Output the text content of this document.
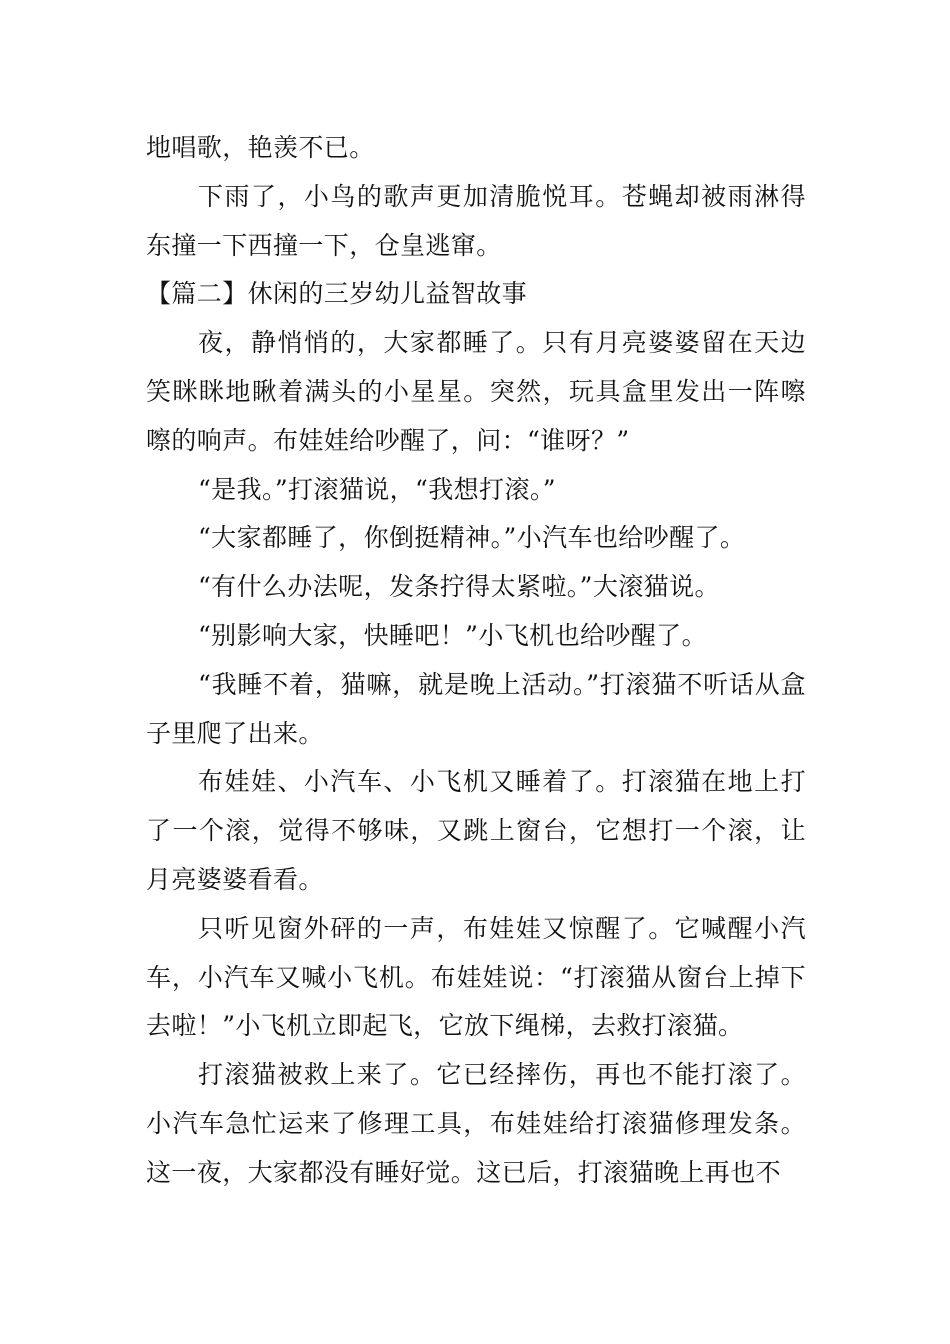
地唱歌，艳羡不已。

下雨了，小鸟的歌声更加清脆悦耳。苍蝇却被雨淋得东撞一下西撞一下，仓皇逃窜。

【篇二】休闲的三岁幼儿益智故事

夜，静悄悄的，大家都睡了。只有月亮婆婆留在天边笑眯眯地瞅着满头的小星星。突然，玩具盒里发出一阵嚓嚓的响声。布娃娃给吵醒了，问：“谁呀？”

“是我。”打滚猫说，“我想打滚。”

“大家都睡了，你倒挺精神。”小汽车也给吵醒了。

“有什么办法呢，发条拧得太紧啦。”大滚猫说。

“别影响大家，快睡吧！”小飞机也给吵醒了。

“我睡不着，猫嘛，就是晚上活动。”打滚猫不听话从盒子里爬了出来。

布娃娃、小汽车、小飞机又睡着了。打滚猫在地上打了一个滚，觉得不够味，又跳上窗台，它想打一个滚，让月亮婆婆看看。

只听见窗外砰的一声，布娃娃又惊醒了。它喊醒小汽车，小汽车又喊小飞机。布娃娃说：“打滚猫从窗台上掉下去啦！”小飞机立即起飞，它放下绳梯，去救打滚猫。

打滚猫被救上来了。它已经摔伤，再也不能打滚了。小汽车急忙运来了修理工具，布娃娃给打滚猫修理发条。这一夜，大家都没有睡好觉。这已后，打滚猫晚上再也不
